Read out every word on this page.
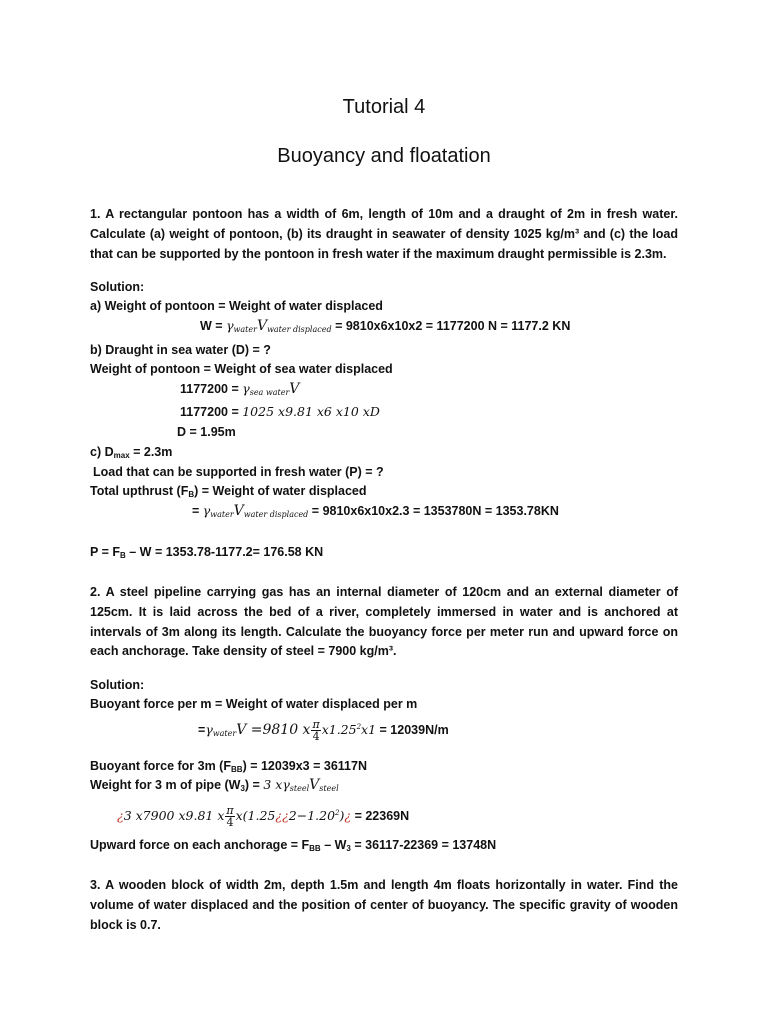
Tutorial 4
Buoyancy and floatation
1. A rectangular pontoon has a width of 6m, length of 10m and a draught of 2m in fresh water. Calculate (a) weight of pontoon, (b) its draught in seawater of density 1025 kg/m³ and (c) the load that can be supported by the pontoon in fresh water if the maximum draught permissible is 2.3m.
Solution:
a) Weight of pontoon = Weight of water displaced
$W = \gamma_{water}V_{water displaced} = 9810x6x10x2 = 1177200$ N = 1177.2 KN
b) Draught in sea water (D) = ?
Weight of pontoon = Weight of sea water displaced
$1177200 = \gamma_{sea water}V$
1177200 = 1025 x9.81 x6 x10 xD
D = 1.95m
c) $D_{max} = 2.3m$
Load that can be supported in fresh water (P) = ?
Total upthrust $(F_B)$ = Weight of water displaced
= $\gamma_{water}V_{water displaced} = 9810x6x10x2.3 = 1353780N = 1353.78KN$
$P = F_B - W = 1353.78-1177.2= 176.58$ KN
2. A steel pipeline carrying gas has an internal diameter of 120cm and an external diameter of 125cm. It is laid across the bed of a river, completely immersed in water and is anchored at intervals of 3m along its length. Calculate the buoyancy force per meter run and upward force on each anchorage. Take density of steel = 7900 kg/m³.
Solution:
Buoyant force per m = Weight of water displaced per m
$=\gamma_{water}V =9810$ x $\frac{\pi}{4} x1.25^2x1 = 12039N/m$
Buoyant force for 3m $(F_{BB}) = 12039x3 = 36117N$
Weight for 3 m of pipe $(W_3) = 3$ $x\gamma_{steel}V_{steel}$
¿3 x7900 x9.81 x $\frac{\pi}{4}$ $x(1.25¿¿2-1.20^2)¿ = 22369N$
Upward force on each anchorage = $F_{BB} - W_3 = 36117-22369 = 13748N$
3. A wooden block of width 2m, depth 1.5m and length 4m floats horizontally in water. Find the volume of water displaced and the position of center of buoyancy. The specific gravity of wooden block is 0.7.
